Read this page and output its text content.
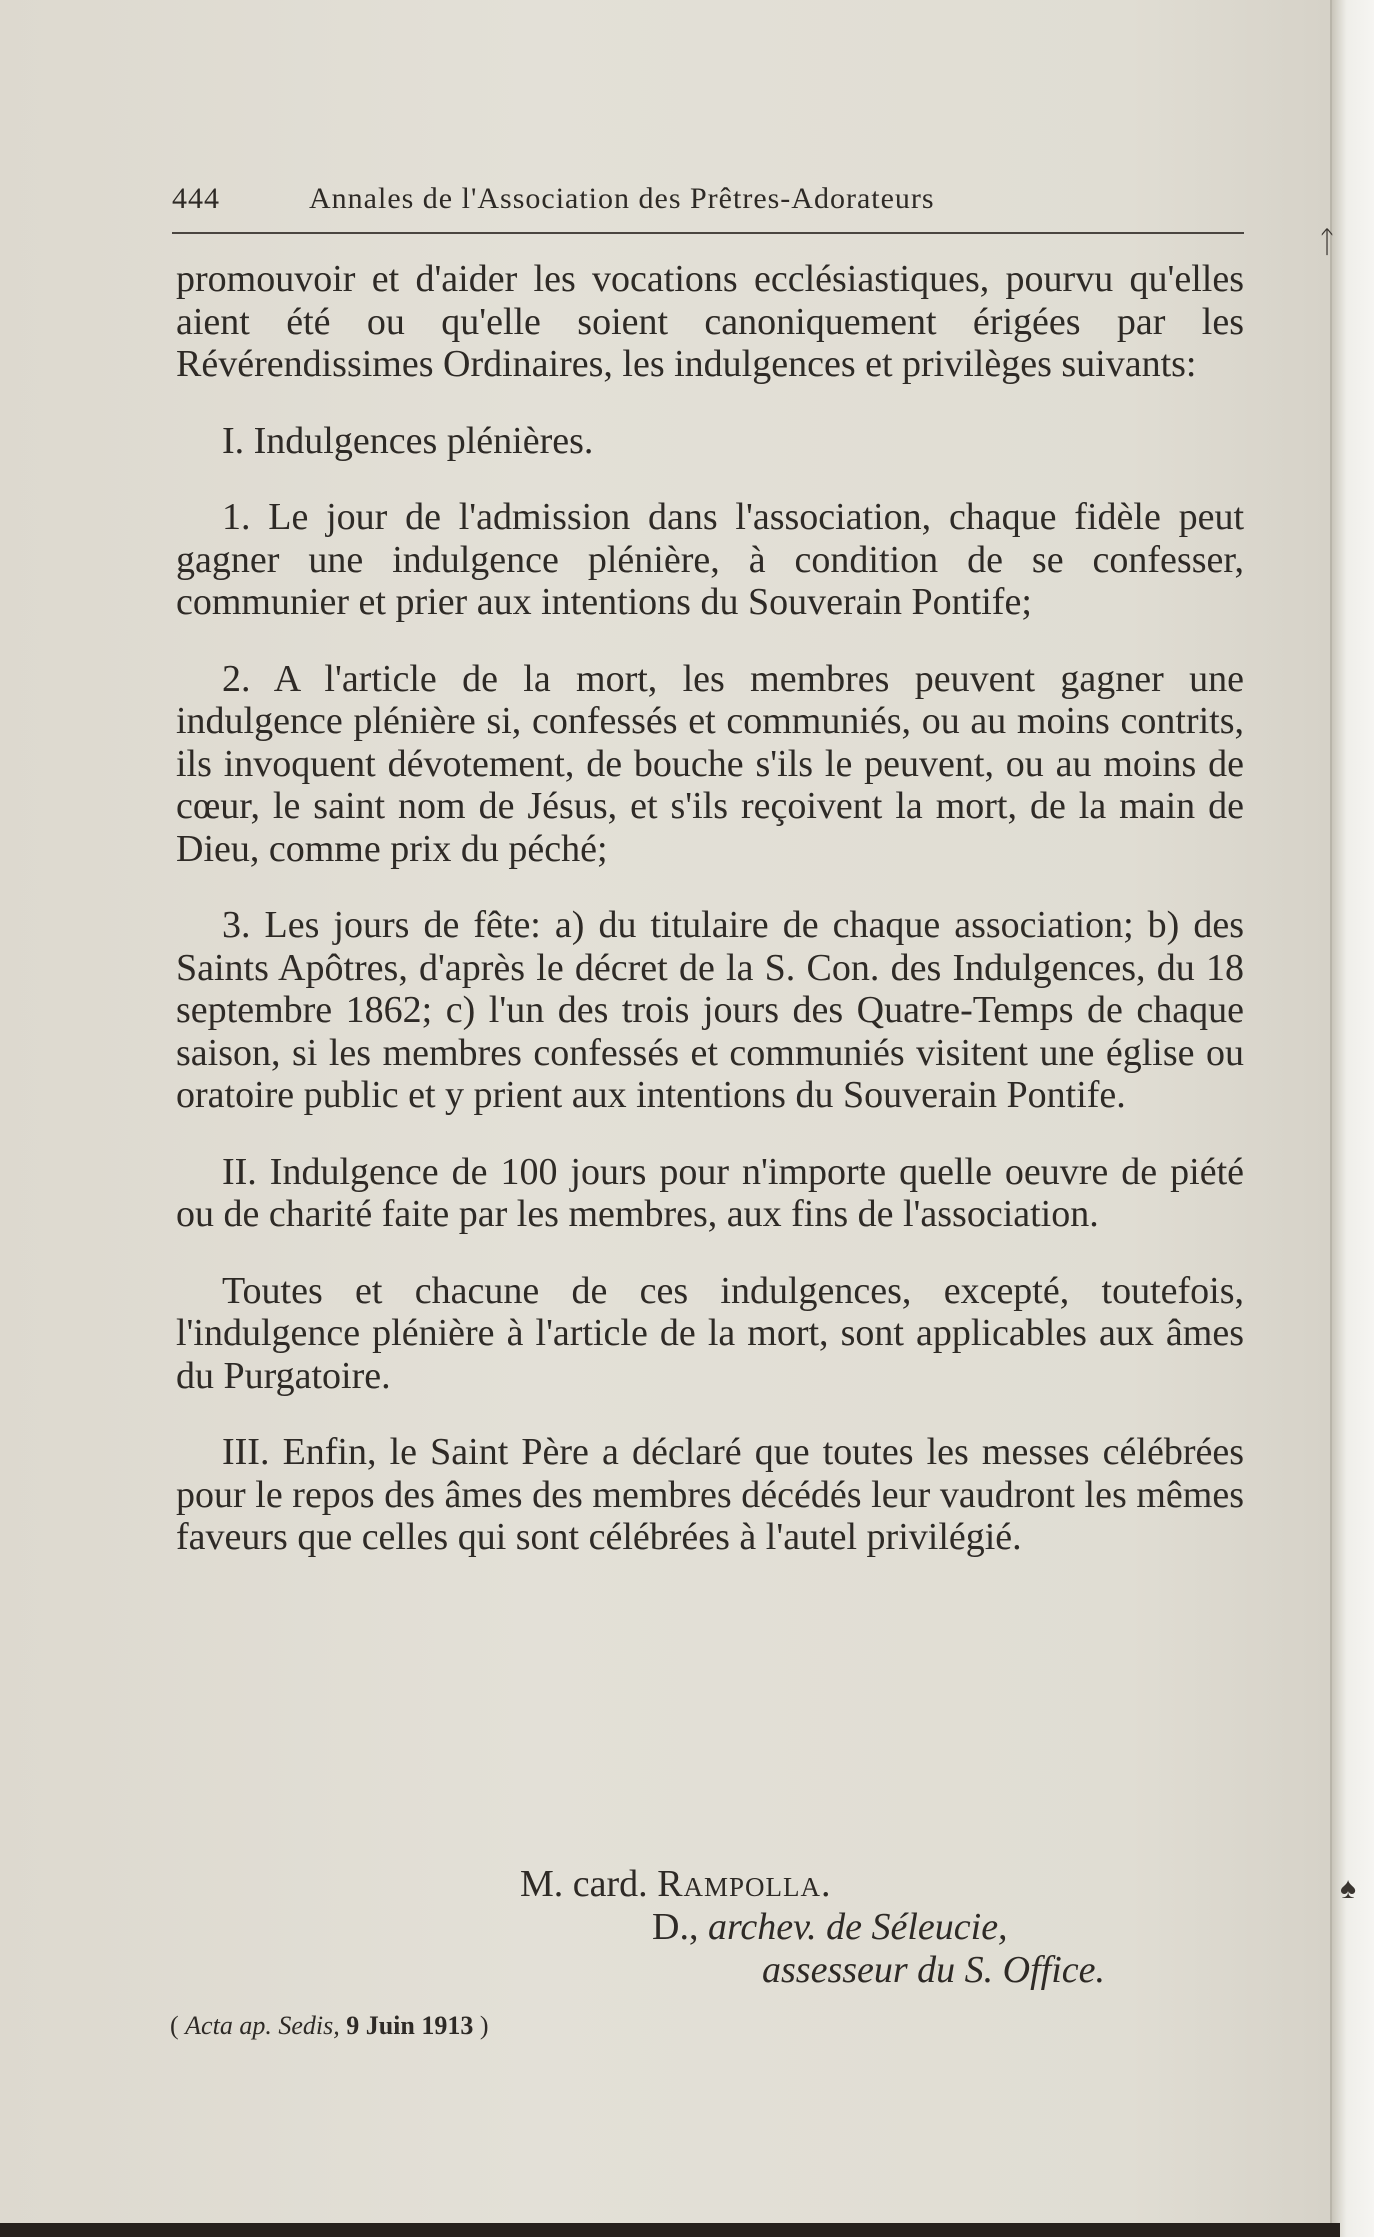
444	Annales de l'Association des Prêtres-Adorateurs
ᛏ
♠

promouvoir et d'aider les vocations ecclésiastiques, pourvu qu'elles aient été ou qu'elle soient canoniquement érigées par les Révérendissimes Ordinaires, les indulgences et privilèges suivants:

I. Indulgences plénières.

1. Le jour de l'admission dans l'association, chaque fidèle peut gagner une indulgence plénière, à condition de se confesser, communier et prier aux intentions du Souverain Pontife;

2. A l'article de la mort, les membres peuvent gagner une indulgence plénière si, confessés et communiés, ou au moins contrits, ils invoquent dévotement, de bouche s'ils le peuvent, ou au moins de cœur, le saint nom de Jésus, et s'ils reçoivent la mort, de la main de Dieu, comme prix du péché;

3. Les jours de fête: a) du titulaire de chaque association; b) des Saints Apôtres, d'après le décret de la S. Con. des Indulgences, du 18 septembre 1862; c) l'un des trois jours des Quatre-Temps de chaque saison, si les membres confessés et communiés visitent une église ou oratoire public et y prient aux intentions du Souverain Pontife.

II. Indulgence de 100 jours pour n'importe quelle oeuvre de piété ou de charité faite par les membres, aux fins de l'association.

Toutes et chacune de ces indulgences, excepté, toutefois, l'indulgence plénière à l'article de la mort, sont applicables aux âmes du Purgatoire.

III. Enfin, le Saint Père a déclaré que toutes les messes célébrées pour le repos des âmes des membres décédés leur vaudront les mêmes faveurs que celles qui sont célébrées à l'autel privilégié.

M. card. Rampolla.
D., archev. de Séleucie,
assesseur du S. Office.
( Acta ap. Sedis, 9 Juin 1913 )
